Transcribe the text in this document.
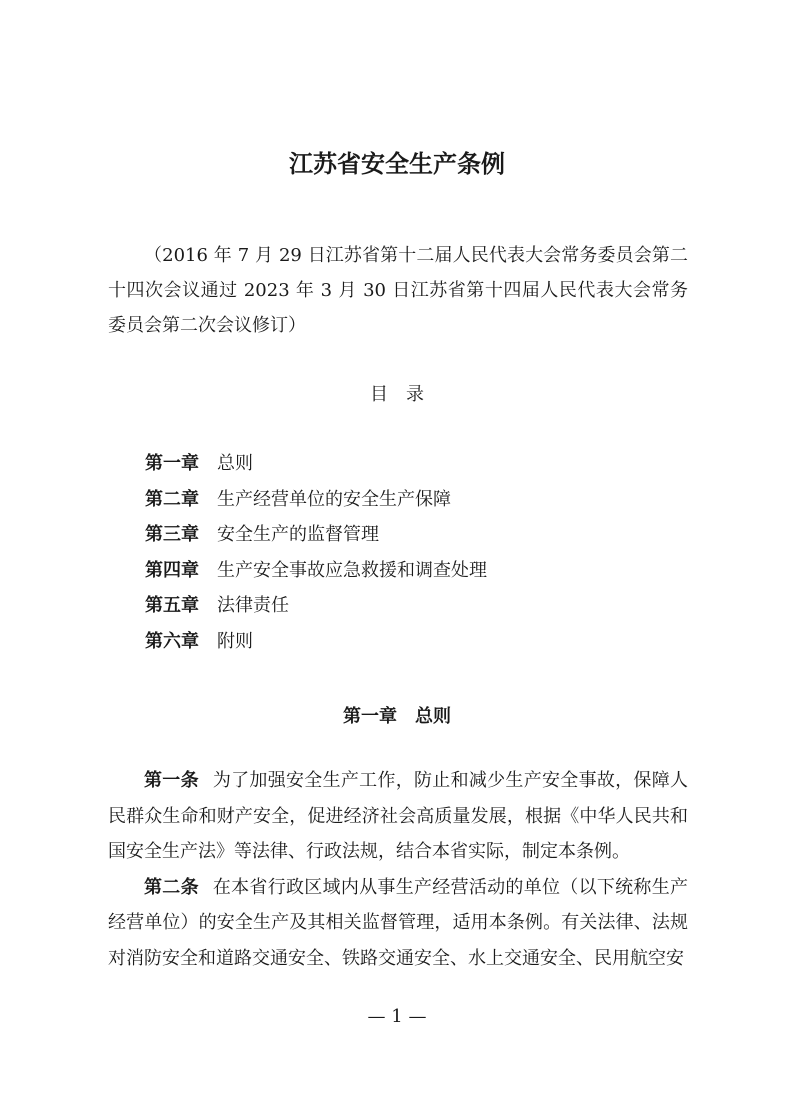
江苏省安全生产条例
（2016 年 7 月 29 日江苏省第十二届人民代表大会常务委员会第二十四次会议通过 2023 年 3 月 30 日江苏省第十四届人民代表大会常务委员会第二次会议修订）
目录
第一章 总则
第二章 生产经营单位的安全生产保障
第三章 安全生产的监督管理
第四章 生产安全事故应急救援和调查处理
第五章 法律责任
第六章 附则
第一章 总则

第一条 为了加强安全生产工作，防止和减少生产安全事故，保障人民群众生命和财产安全，促进经济社会高质量发展，根据《中华人民共和国安全生产法》等法律、行政法规，结合本省实际，制定本条例。

第二条 在本省行政区域内从事生产经营活动的单位（以下统称生产经营单位）的安全生产及其相关监督管理，适用本条例。有关法律、法规对消防安全和道路交通安全、铁路交通安全、水上交通安全、民用航空安

— 1 —
